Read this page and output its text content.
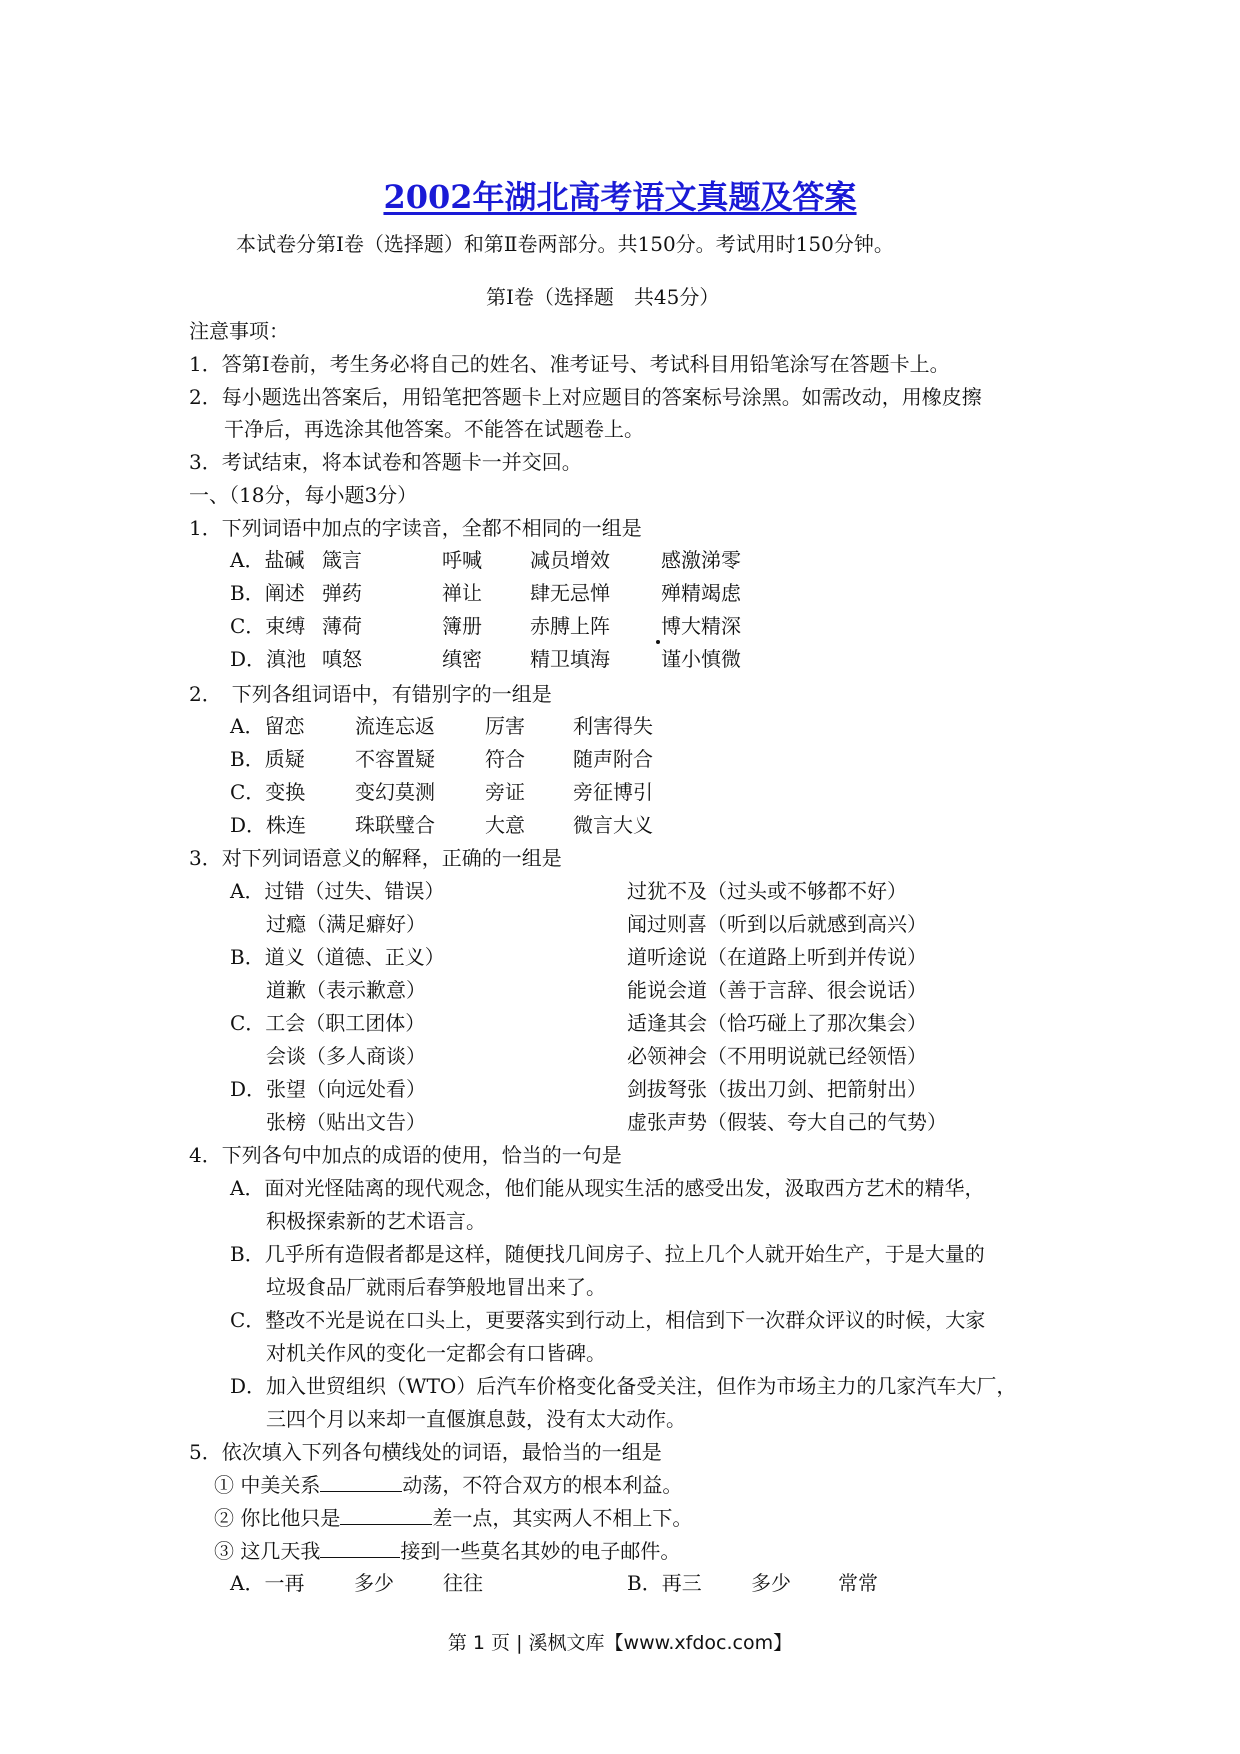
2002年湖北高考语文真题及答案
本试卷分第Ⅰ卷（选择题）和第Ⅱ卷两部分。共150分。考试用时150分钟。
第Ⅰ卷（选择题　共45分）
注意事项：
1．答第Ⅰ卷前，考生务必将自己的姓名、准考证号、考试科目用铅笔涂写在答题卡上。
2．每小题选出答案后，用铅笔把答题卡上对应题目的答案标号涂黑。如需改动，用橡皮擦
干净后，再选涂其他答案。不能答在试题卷上。
3．考试结束，将本试卷和答题卡一并交回。
一、（18分，每小题3分）
1．下列词语中加点的字读音，全都不相同的一组是
A．盐碱 箴言	呼喊 减员增效	感激涕零
B．阐述 弹药	禅让 肆无忌惮	殚精竭虑
C．束缚 薄荷	簿册 赤膊上阵	博大精深
D．滇池 嗔怒	缜密 精卫填海	谨小慎微
2．　下列各组词语中，有错别字的一组是
A．留恋	流连忘返	厉害 利害得失
B．质疑	不容置疑	符合 随声附合
C．变换 变幻莫测	旁证 旁征博引
D．株连 珠联璧合	大意 微言大义
3．对下列词语意义的解释，正确的一组是
A．过错（过失、错误）	过犹不及（过头或不够都不好）
过瘾（满足癖好）	闻过则喜（听到以后就感到高兴）
B．道义（道德、正义）	道听途说（在道路上听到并传说）
道歉（表示歉意）	能说会道（善于言辞、很会说话）
C．工会（职工团体）	适逢其会（恰巧碰上了那次集会）
会谈（多人商谈）	必领神会（不用明说就已经领悟）
D．张望（向远处看）	剑拔弩张（拔出刀剑、把箭射出）
张榜（贴出文告）	虚张声势（假装、夸大自己的气势）
4．下列各句中加点的成语的使用，恰当的一句是
A．面对光怪陆离的现代观念，他们能从现实生活的感受出发，汲取西方艺术的精华，
积极探索新的艺术语言。
B．几乎所有造假者都是这样，随便找几间房子、拉上几个人就开始生产，于是大量的
垃圾食品厂就雨后春笋般地冒出来了。
C．整改不光是说在口头上，更要落实到行动上，相信到下一次群众评议的时候，大家
对机关作风的变化一定都会有口皆碑。
D．加入世贸组织（WTO）后汽车价格变化备受关注，但作为市场主力的几家汽车大厂，
三四个月以来却一直偃旗息鼓，没有太大动作。
5．依次填入下列各句横线处的词语，最恰当的一组是
① 中美关系	动荡，不符合双方的根本利益。
② 你比他只是	差一点，其实两人不相上下。
③ 这几天我	接到一些莫名其妙的电子邮件。
A．一再 多少 往往	B．再三 多少 常常
第 1 页 | 溪枫文库【www.xfdoc.com】
